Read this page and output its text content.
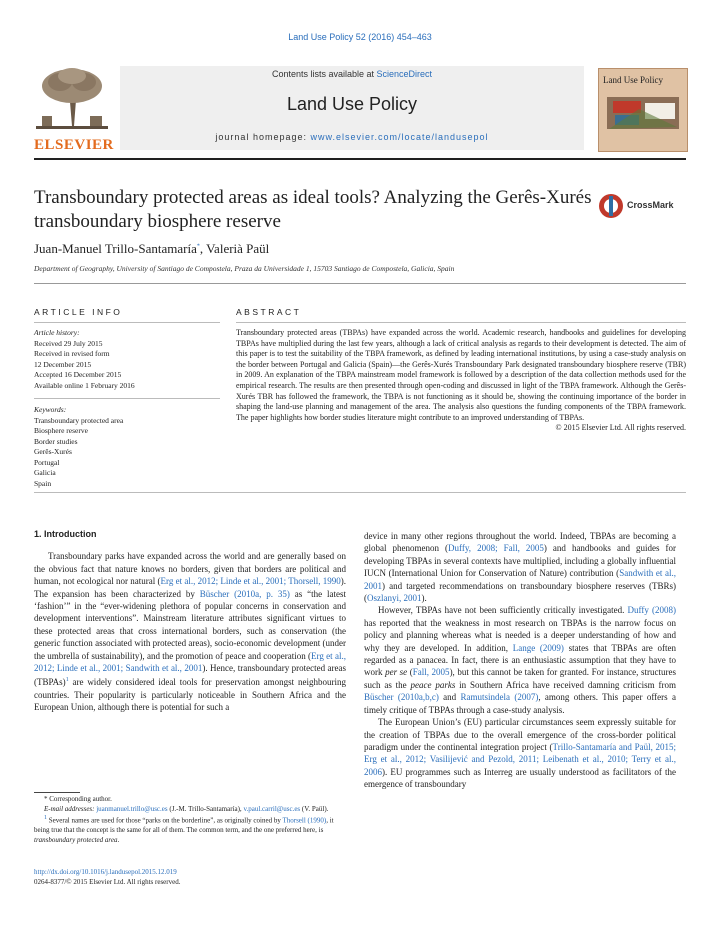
Land Use Policy 52 (2016) 454–463
ELSEVIER
Contents lists available at ScienceDirect
Land Use Policy
journal homepage: www.elsevier.com/locate/landusepol
Land Use Policy
Transboundary protected areas as ideal tools? Analyzing the Gerês-Xurés transboundary biosphere reserve
CrossMark
Juan-Manuel Trillo-Santamaría*, Valerià Paül
Department of Geography, University of Santiago de Compostela, Praza da Universidade 1, 15703 Santiago de Compostela, Galicia, Spain
ARTICLE INFO	ABSTRACT
Article history:
Received 29 July 2015
Received in revised form
12 December 2015
Accepted 16 December 2015
Available online 1 February 2016
Keywords:
Transboundary protected area
Biosphere reserve
Border studies
Gerês-Xurés
Portugal
Galicia
Spain
Transboundary protected areas (TBPAs) have expanded across the world. Academic research, handbooks and guidelines for developing TBPAs have multiplied during the last few years, although a lack of critical analysis as regards to their development is detected. The aim of this paper is to test the suitability of the TBPA framework, as defined by leading international institutions, by using a case-study analysis on the border between Portugal and Galicia (Spain)—the Gerês-Xurés Transboundary Park designated transboundary biosphere reserve (TBR) in 2009. An explanation of the TBPA mainstream model framework is followed by a description of the data collection methods used for the empirical research. The results are then presented through open-coding and discussed in light of the TBPA framework. Although the Gerês-Xurés TBR has followed the framework, the TBPA is not functioning as it should be, showing the continuing importance of the border in shaping the land-use planning and management of the area. The analysis also questions the funding components of the TBPA framework. The paper highlights how border studies literature might contribute to an improved understanding of TBPAs.
© 2015 Elsevier Ltd. All rights reserved.
1. Introduction

Transboundary parks have expanded across the world and are generally based on the obvious fact that nature knows no borders, given that borders are political and human, not ecological nor natural (Erg et al., 2012; Linde et al., 2001; Thorsell, 1990). The expansion has been characterized by Büscher (2010a, p. 35) as “the latest ‘fashion’” in the “ever-widening plethora of popular concerns in conservation and development interventions”. Mainstream literature attributes significant virtues to these protected areas that cross international borders, such as conservation (the generic function associated with protected areas), socio-economic development (under the umbrella of sustainability), and the promotion of peace and cooperation (Erg et al., 2012; Linde et al., 2001; Sandwith et al., 2001). Hence, transboundary protected areas (TBPAs)$^1$ are widely considered ideal tools for preservation amongst neighbouring countries. Their popularity is particularly noticeable in Southern Africa and the European Union, although there is potential for such a

device in many other regions throughout the world. Indeed, TBPAs are becoming a global phenomenon (Duffy, 2008; Fall, 2005) and handbooks and guides for developing TBPAs in several contexts have multiplied, including a globally influential IUCN (International Union for Conservation of Nature) contribution (Sandwith et al., 2001) and targeted recommendations on transboundary biosphere reserves (TBRs) (Oszlanyi, 2001).

However, TBPAs have not been sufficiently critically investigated. Duffy (2008) has reported that the weakness in most research on TBPAs is the narrow focus on policy and planning whereas what is needed is a deeper understanding of how and why they are developed. In addition, Lange (2009) states that TBPAs are often regarded as a panacea. In fact, there is an enthusiastic assumption that they have to work per se (Fall, 2005), but this cannot be taken for granted. For instance, structures such as the peace parks in Southern Africa have received damning criticism from Büscher (2010a,b,c) and Ramutsindela (2007), among others. This paper offers a timely critique of TBPAs through a case-study analysis.

The European Union’s (EU) particular circumstances seem expressly suitable for the creation of TBPAs due to the overall emergence of the cross-border political paradigm under the continental integration project (Trillo-Santamaría and Paül, 2015; Erg et al., 2012; Vasilijević and Pezold, 2011; Leibenath et al., 2010; Terry et al., 2006). EU programmes such as Interreg are usually understood as facilitators of the emergence of transboundary

* Corresponding author.

E-mail addresses: juanmanuel.trillo@usc.es (J.-M. Trillo-Santamaría), v.paul.carril@usc.es (V. Paül).

$^1$ Several names are used for those “parks on the borderline”, as originally coined by Thorsell (1990), it being true that the concept is the same for all of them. The common term, and the one preferred here, is transboundary protected area.

http://dx.doi.org/10.1016/j.landusepol.2015.12.019
0264-8377/© 2015 Elsevier Ltd. All rights reserved.
